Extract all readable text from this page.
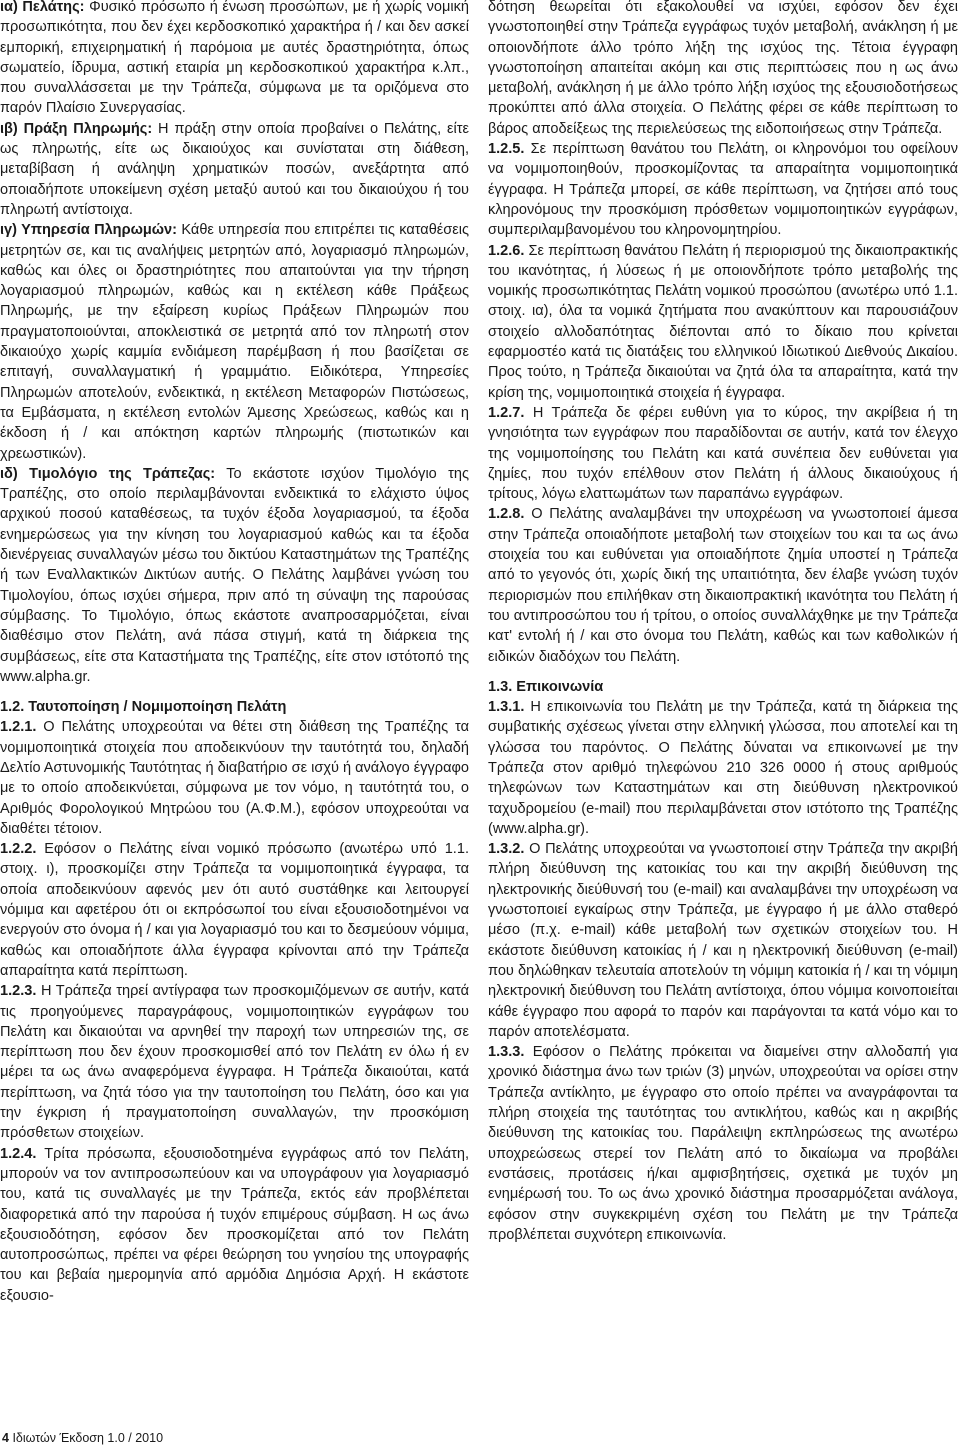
ια) Πελάτης: Φυσικό πρόσωπο ή ένωση προσώπων, με ή χωρίς νομική προσωπικότητα, που δεν έχει κερδοσκοπικό χαρακτήρα ή / και δεν ασκεί εμπορική, επιχειρηματική ή παρόμοια με αυτές δραστηριότητα, όπως σωματείο, ίδρυμα, αστική εταιρία μη κερδοσκοπικού χαρακτήρα κ.λπ., που συναλλάσσεται με την Τράπεζα, σύμφωνα με τα οριζόμενα στο παρόν Πλαίσιο Συνεργασίας.

ιβ) Πράξη Πληρωμής: Η πράξη στην οποία προβαίνει ο Πελάτης, είτε ως πληρωτής, είτε ως δικαιούχος και συνίσταται στη διάθεση, μεταβίβαση ή ανάληψη χρηματικών ποσών, ανεξάρτητα από οποιαδήποτε υποκείμενη σχέση μεταξύ αυτού και του δικαιούχου ή του πληρωτή αντίστοιχα.

ιγ) Υπηρεσία Πληρωμών: Κάθε υπηρεσία που επιτρέπει τις καταθέσεις μετρητών σε, και τις αναλήψεις μετρητών από, λογαριασμό πληρωμών, καθώς και όλες οι δραστηριότητες που απαιτούνται για την τήρηση λογαριασμού πληρωμών, καθώς και η εκτέλεση κάθε Πράξεως Πληρωμής, με την εξαίρεση κυρίως Πράξεων Πληρωμών που πραγματοποιούνται, αποκλειστικά σε μετρητά από τον πληρωτή στον δικαιούχο χωρίς καμμία ενδιάμεση παρέμβαση ή που βασίζεται σε επιταγή, συναλλαγματική ή γραμμάτιο. Ειδικότερα, Υπηρεσίες Πληρωμών αποτελούν, ενδεικτικά, η εκτέλεση Μεταφορών Πιστώσεως, τα Εμβάσματα, η εκτέλεση εντολών Άμεσης Χρεώσεως, καθώς και η έκδοση ή / και απόκτηση καρτών πληρωμής (πιστωτικών και χρεωστικών).

ιδ) Τιμολόγιο της Τράπεζας: Το εκάστοτε ισχύον Τιμολόγιο της Τραπέζης, στο οποίο περιλαμβάνονται ενδεικτικά το ελάχιστο ύψος αρχικού ποσού καταθέσεως, τα τυχόν έξοδα λογαριασμού, τα έξοδα ενημερώσεως για την κίνηση του λογαριασμού καθώς και τα έξοδα διενέργειας συναλλαγών μέσω του δικτύου Καταστημάτων της Τραπέζης ή των Εναλλακτικών Δικτύων αυτής. Ο Πελάτης λαμβάνει γνώση του Τιμολογίου, όπως ισχύει σήμερα, πριν από τη σύναψη της παρούσας σύμβασης. Το Τιμολόγιο, όπως εκάστοτε αναπροσαρμόζεται, είναι διαθέσιμο στον Πελάτη, ανά πάσα στιγμή, κατά τη διάρκεια της συμβάσεως, είτε στα Καταστήματα της Τραπέζης, είτε στον ιστότοπό της www.alpha.gr.

1.2. Ταυτοποίηση / Νομιμοποίηση Πελάτη

1.2.1. Ο Πελάτης υποχρεούται να θέτει στη διάθεση της Τραπέζης τα νομιμοποιητικά στοιχεία που αποδεικνύουν την ταυτότητά του, δηλαδή Δελτίο Αστυνομικής Ταυτότητας ή διαβατήριο σε ισχύ ή ανάλογο έγγραφο με το οποίο αποδεικνύεται, σύμφωνα με τον νόμο, η ταυτότητά του, ο Αριθμός Φορολογικού Μητρώου του (Α.Φ.Μ.), εφόσον υποχρεούται να διαθέτει τέτοιον.

1.2.2. Εφόσον ο Πελάτης είναι νομικό πρόσωπο (ανωτέρω υπό 1.1. στοιχ. ι), προσκομίζει στην Τράπεζα τα νομιμοποιητικά έγγραφα, τα οποία αποδεικνύουν αφενός μεν ότι αυτό συστάθηκε και λειτουργεί νόμιμα και αφετέρου ότι οι εκπρόσωποί του είναι εξουσιοδοτημένοι να ενεργούν στο όνομα ή / και για λογαριασμό του και το δεσμεύουν νόμιμα, καθώς και οποιαδήποτε άλλα έγγραφα κρίνονται από την Τράπεζα απαραίτητα κατά περίπτωση.

1.2.3. Η Τράπεζα τηρεί αντίγραφα των προσκομιζόμενων σε αυτήν, κατά τις προηγούμενες παραγράφους, νομιμοποιητικών εγγράφων του Πελάτη και δικαιούται να αρνηθεί την παροχή των υπηρεσιών της, σε περίπτωση που δεν έχουν προσκομισθεί από τον Πελάτη εν όλω ή εν μέρει τα ως άνω αναφερόμενα έγγραφα. Η Τράπεζα δικαιούται, κατά περίπτωση, να ζητά τόσο για την ταυτοποίηση του Πελάτη, όσο και για την έγκριση ή πραγματοποίηση συναλλαγών, την προσκόμιση πρόσθετων στοιχείων.

1.2.4. Τρίτα πρόσωπα, εξουσιοδοτημένα εγγράφως από τον Πελάτη, μπορούν να τον αντιπροσωπεύουν και να υπογράφουν για λογαριασμό του, κατά τις συναλλαγές με την Τράπεζα, εκτός εάν προβλέπεται διαφορετικά από την παρούσα ή τυχόν επιμέρους σύμβαση. Η ως άνω εξουσιοδότηση, εφόσον δεν προσκομίζεται από τον Πελάτη αυτοπροσώπως, πρέπει να φέρει θεώρηση του γνησίου της υπογραφής του και βεβαία ημερομηνία από αρμόδια Δημόσια Αρχή. Η εκάστοτε εξουσιο-

δότηση θεωρείται ότι εξακολουθεί να ισχύει, εφόσον δεν έχει γνωστοποιηθεί στην Τράπεζα εγγράφως τυχόν μεταβολή, ανάκληση ή με οποιονδήποτε άλλο τρόπο λήξη της ισχύος της. Τέτοια έγγραφη γνωστοποίηση απαιτείται ακόμη και στις περιπτώσεις που η ως άνω μεταβολή, ανάκληση ή με άλλο τρόπο λήξη ισχύος της εξουσιοδοτήσεως προκύπτει από άλλα στοιχεία. Ο Πελάτης φέρει σε κάθε περίπτωση το βάρος αποδείξεως της περιελεύσεως της ειδοποιήσεως στην Τράπεζα.

1.2.5. Σε περίπτωση θανάτου του Πελάτη, οι κληρονόμοι του οφείλουν να νομιμοποιηθούν, προσκομίζοντας τα απαραίτητα νομιμοποιητικά έγγραφα. Η Τράπεζα μπορεί, σε κάθε περίπτωση, να ζητήσει από τους κληρονόμους την προσκόμιση πρόσθετων νομιμοποιητικών εγγράφων, συμπεριλαμβανομένου του κληρονομητηρίου.

1.2.6. Σε περίπτωση θανάτου Πελάτη ή περιορισμού της δικαιοπρακτικής του ικανότητας, ή λύσεως ή με οποιονδήποτε τρόπο μεταβολής της νομικής προσωπικότητας Πελάτη νομικού προσώπου (ανωτέρω υπό 1.1. στοιχ. ια), όλα τα νομικά ζητήματα που ανακύπτουν και παρουσιάζουν στοιχείο αλλοδαπότητας διέπονται από το δίκαιο που κρίνεται εφαρμοστέο κατά τις διατάξεις του ελληνικού Ιδιωτικού Διεθνούς Δικαίου. Προς τούτο, η Τράπεζα δικαιούται να ζητά όλα τα απαραίτητα, κατά την κρίση της, νομιμοποιητικά στοιχεία ή έγγραφα.

1.2.7. Η Τράπεζα δε φέρει ευθύνη για το κύρος, την ακρίβεια ή τη γνησιότητα των εγγράφων που παραδίδονται σε αυτήν, κατά τον έλεγχο της νομιμοποίησης του Πελάτη και κατά συνέπεια δεν ευθύνεται για ζημίες, που τυχόν επέλθουν στον Πελάτη ή άλλους δικαιούχους ή τρίτους, λόγω ελαττωμάτων των παραπάνω εγγράφων.

1.2.8. Ο Πελάτης αναλαμβάνει την υποχρέωση να γνωστοποιεί άμεσα στην Τράπεζα οποιαδήποτε μεταβολή των στοιχείων του και τα ως άνω στοιχεία του και ευθύνεται για οποιαδήποτε ζημία υποστεί η Τράπεζα από το γεγονός ότι, χωρίς δική της υπαιτιότητα, δεν έλαβε γνώση τυχόν περιορισμών που επιλήθκαν στη δικαιοπρακτική ικανότητα του Πελάτη ή του αντιπροσώπου του ή τρίτου, ο οποίος συναλλάχθηκε με την Τράπεζα κατ' εντολή ή / και στο όνομα του Πελάτη, καθώς και των καθολικών ή ειδικών διαδόχων του Πελάτη.

1.3. Επικοινωνία

1.3.1. Η επικοινωνία του Πελάτη με την Τράπεζα, κατά τη διάρκεια της συμβατικής σχέσεως γίνεται στην ελληνική γλώσσα, που αποτελεί και τη γλώσσα του παρόντος. Ο Πελάτης δύναται να επικοινωνεί με την Τράπεζα στον αριθμό τηλεφώνου 210 326 0000 ή στους αριθμούς τηλεφώνων των Καταστημάτων και στη διεύθυνση ηλεκτρονικού ταχυδρομείου (e-mail) που περιλαμβάνεται στον ιστότοπο της Τραπέζης (www.alpha.gr).

1.3.2. Ο Πελάτης υποχρεούται να γνωστοποιεί στην Τράπεζα την ακριβή πλήρη διεύθυνση της κατοικίας του και την ακριβή διεύθυνση της ηλεκτρονικής διεύθυνσή του (e-mail) και αναλαμβάνει την υποχρέωση να γνωστοποιεί εγκαίρως στην Τράπεζα, με έγγραφο ή με άλλο σταθερό μέσο (π.χ. e-mail) κάθε μεταβολή των σχετικών στοιχείων του. Η εκάστοτε διεύθυνση κατοικίας ή / και η ηλεκτρονική διεύθυνση (e-mail) που δηλώθηκαν τελευταία αποτελούν τη νόμιμη κατοικία ή / και τη νόμιμη ηλεκτρονική διεύθυνση του Πελάτη αντίστοιχα, όπου νόμιμα κοινοποιείται κάθε έγγραφο που αφορά το παρόν και παράγονται τα κατά νόμο και το παρόν αποτελέσματα.

1.3.3. Εφόσον ο Πελάτης πρόκειται να διαμείνει στην αλλοδαπή για χρονικό διάστημα άνω των τριών (3) μηνών, υποχρεούται να ορίσει στην Τράπεζα αντίκλητο, με έγγραφο στο οποίο πρέπει να αναγράφονται τα πλήρη στοιχεία της ταυτότητας του αντικλήτου, καθώς και η ακριβής διεύθυνση της κατοικίας του. Παράλειψη εκπληρώσεως της ανωτέρω υποχρεώσεως στερεί τον Πελάτη από το δικαίωμα να προβάλει ενστάσεις, προτάσεις ή/και αμφισβητήσεις, σχετικά με τυχόν μη ενημέρωσή του. Το ως άνω χρονικό διάστημα προσαρμόζεται ανάλογα, εφόσον στην συγκεκριμένη σχέση του Πελάτη με την Τράπεζα προβλέπεται συχνότερη επικοινωνία.

4 Ιδιωτών Έκδοση 1.0 / 2010
